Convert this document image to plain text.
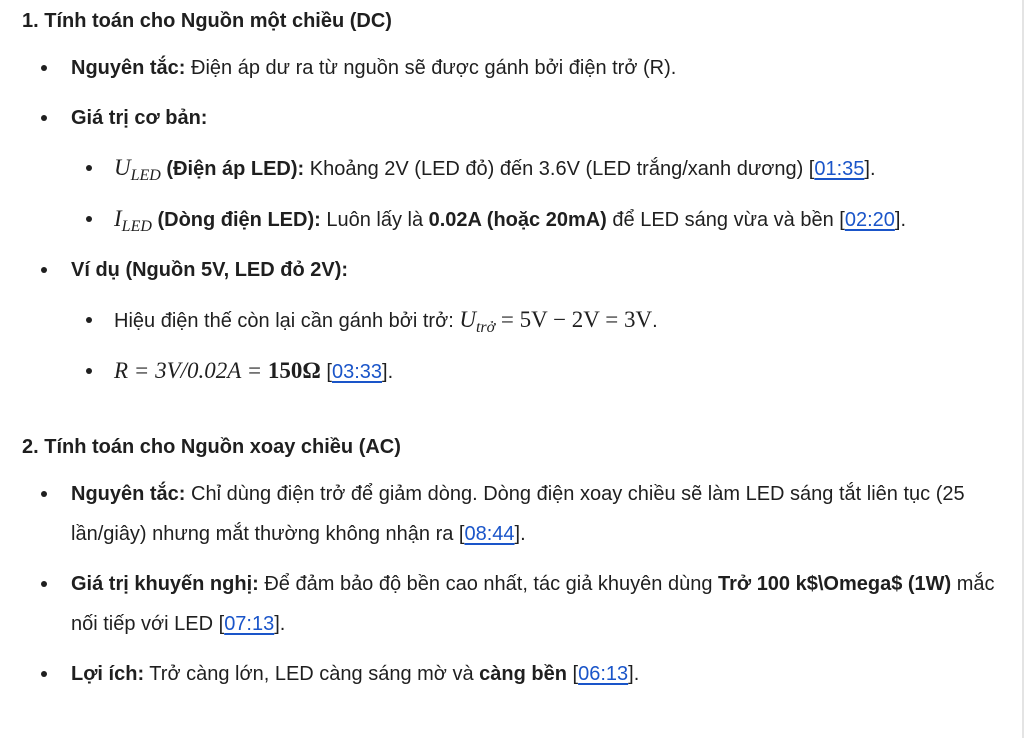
1. Tính toán cho Nguồn một chiều (DC)
Nguyên tắc: Điện áp dư ra từ nguồn sẽ được gánh bởi điện trở (R).
Giá trị cơ bản:
$U_{LED}$ (Điện áp LED): Khoảng 2V (LED đỏ) đến 3.6V (LED trắng/xanh dương) [01:35].
$I_{LED}$ (Dòng điện LED): Luôn lấy là 0.02A (hoặc 20mA) để LED sáng vừa và bền [02:20].
Ví dụ (Nguồn 5V, LED đỏ 2V):
Hiệu điện thế còn lại cần gánh bởi trở: $U_{trở} = 5V - 2V = 3V$.
R = 3V/0.02A = 150Ω [03:33].
2. Tính toán cho Nguồn xoay chiều (AC)
Nguyên tắc: Chỉ dùng điện trở để giảm dòng. Dòng điện xoay chiều sẽ làm LED sáng tắt liên tục (25 lần/giây) nhưng mắt thường không nhận ra [08:44].
Giá trị khuyến nghị: Để đảm bảo độ bền cao nhất, tác giả khuyên dùng Trở 100 k$\Omega$ (1W) mắc nối tiếp với LED [07:13].
Lợi ích: Trở càng lớn, LED càng sáng mờ và càng bền [06:13].
